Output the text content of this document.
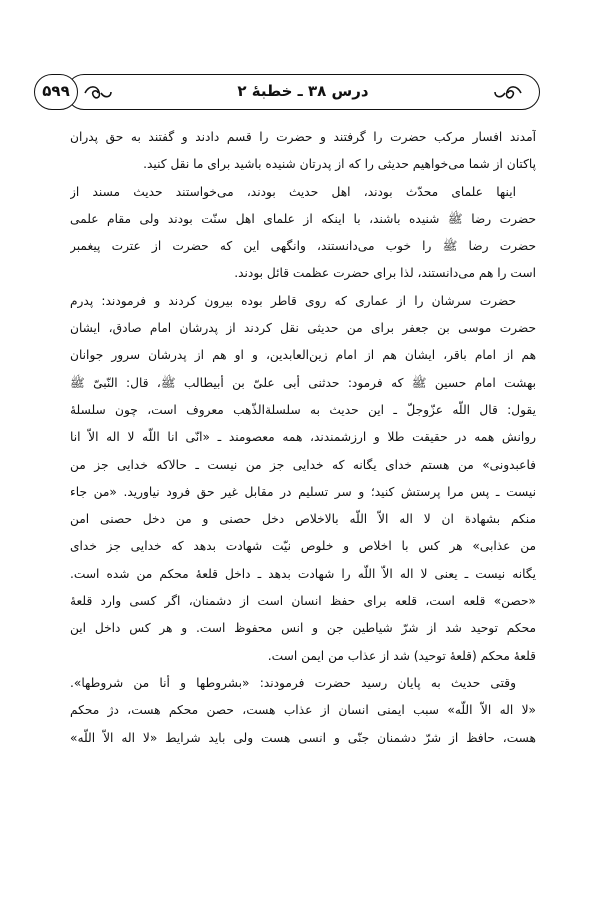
درس ۳۸ ـ خطبهٔ ۲
۵۹۹
آمدند افسار مرکب حضرت را گرفتند و حضرت را قسم دادند و گفتند به حق پدران
پاکتان از شما می‌خواهیم حدیثی را که از پدرتان شنیده باشید برای ما نقل کنید.
اینها علمای محدّث بودند، اهل حدیث بودند، می‌خواستند حدیث مسند از
حضرت رضا ﷺ شنیده باشند، با اینکه از علمای اهل سنّت بودند ولی مقام علمی
حضرت رضا ﷺ را خوب می‌دانستند، وانگهی این که حضرت از عترت پیغمبر
است را هم می‌دانستند، لذا برای حضرت عظمت قائل بودند.
حضرت سرشان را از عماری که روی قاطر بوده بیرون کردند و فرمودند: پدرم
حضرت موسی بن جعفر برای من حدیثی نقل کردند از پدرشان امام صادق، ایشان
هم از امام باقر، ایشان هم از امام زین‌العابدین، و او هم از پدرشان سرور جوانان
بهشت امام حسین ﷺ که فرمود: حدثنی أبی علیّ بن أبیطالب ﷺ، قال: النّبیّ ﷺ
یقول: قال اللّه عزّوجلّ ـ این حدیث به سلسلة‌الذّهب معروف است، چون سلسلهٔ
روانش همه در حقیقت طلا و ارزشمندند، همه معصومند ـ «انّی انا اللّه لا اله الاّ انا
فاعبدونی» من هستم خدای یگانه که خدایی جز من نیست ـ حالاکه خدایی جز من
نیست ـ پس مرا پرستش کنید؛ و سر تسلیم در مقابل غیر حق فرود نیاورید. «من جاء
منکم بشهادة ان لا اله الاّ اللّه بالاخلاص دخل حصنی و من دخل حصنی امن
من عذابی» هر کس با اخلاص و خلوص نیّت شهادت بدهد که خدایی جز خدای
یگانه نیست ـ یعنی لا اله الاّ اللّه را شهادت بدهد ـ داخل قلعهٔ محکم من شده است.
«حصن» قلعه است، قلعه برای حفظ انسان است از دشمنان، اگر کسی وارد قلعهٔ
محکم توحید شد از شرّ شیاطین جن و انس محفوظ است. و هر کس داخل این
قلعهٔ محکم (قلعهٔ توحید) شد از عذاب من ایمن است.
وقتی حدیث به پایان رسید حضرت فرمودند: «بشروطها و أنا من شروطها».
«لا اله الاّ اللّه» سبب ایمنی انسان از عذاب هست، حصن محکم هست، دژ محکم
هست، حافظ از شرّ دشمنان جنّی و انسی هست ولی باید شرایط «لا اله الاّ اللّه»
